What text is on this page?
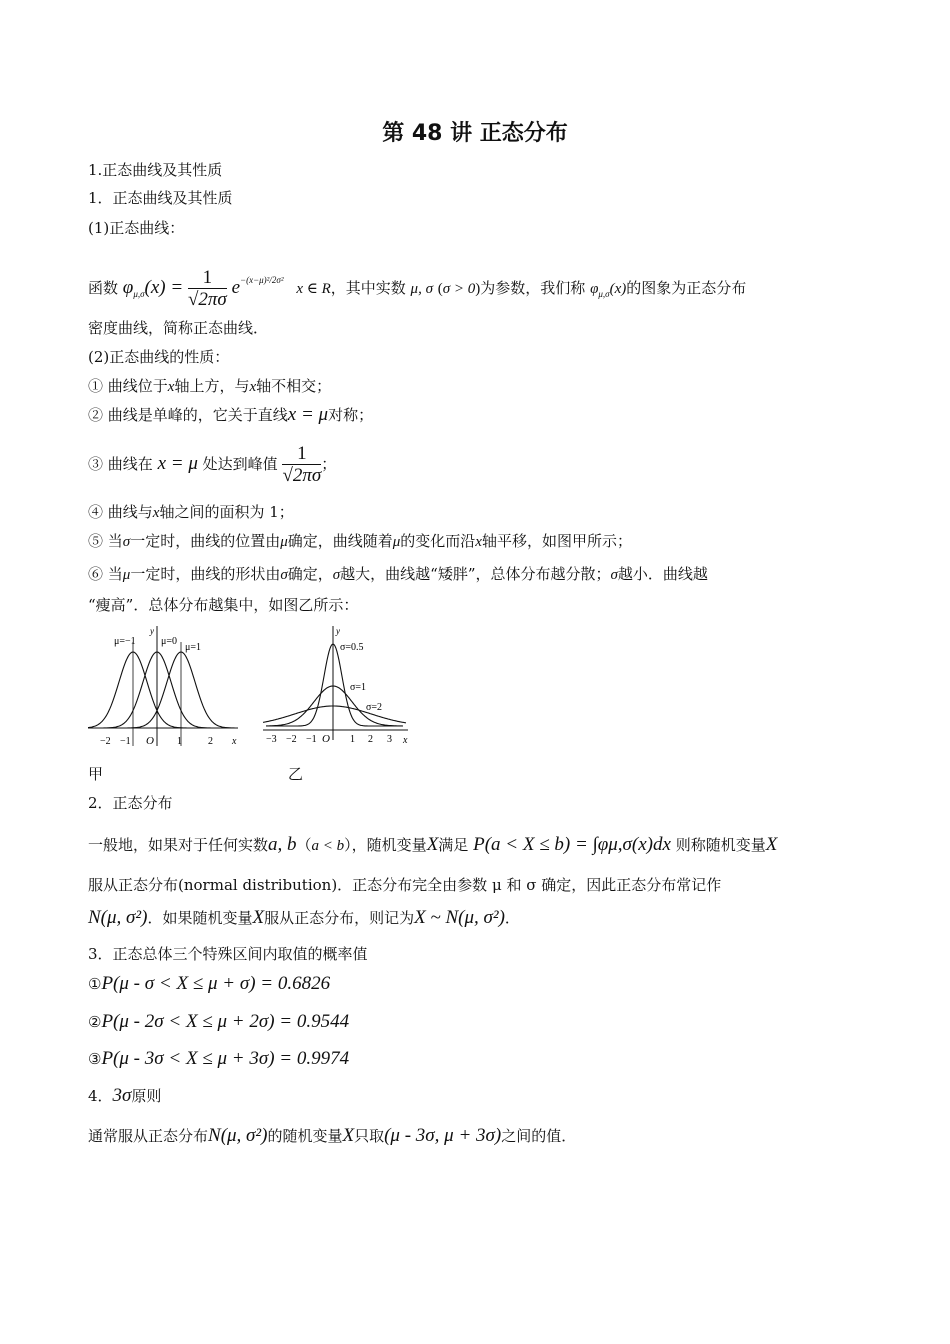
第 48 讲 正态分布
1.正态曲线及其性质
1．正态曲线及其性质
(1)正态曲线：
函数 $\varphi_{\mu,\sigma}(x) = \frac{1}{√2\pi\sigma} e^{-(x-\mu)^2/2\sigma^2}$ x ∈ R，其中实数 μ, σ (σ > 0)为参数，我们称 $\varphi_{\mu,\sigma}(x)$的图象为正态分布
密度曲线，简称正态曲线．
(2)正态曲线的性质：
① 曲线位于x轴上方，与x轴不相交；
② 曲线是单峰的，它关于直线x = μ对称；
③ 曲线在 x = μ 处达到峰值 $\frac{1}{√2\pi\sigma}$ ；
④ 曲线与x轴之间的面积为 1；
⑤ 当σ一定时，曲线的位置由μ确定，曲线随着μ的变化而沿x轴平移，如图甲所示；
⑥ 当μ一定时，曲线的形状由σ确定，σ越大，曲线越“矮胖”，总体分布越分散；σ越小．曲线越
“瘦高”．总体分布越集中，如图乙所示：
μ=−1	μ=0
μ=1
y
x
−2 −1 O 1	2
σ=0.5
σ=1
σ=2
y
x
−3 −2 −1 O 1 2 3
甲	乙
2．正态分布
一般地，如果对于任何实数a, b（a < b），随机变量X满足 P(a < X ≤ b) = ∫φμ,σ(x)dx 则称随机变量X
服从正态分布(normal distribution)．正态分布完全由参数 μ 和 σ 确定，因此正态分布常记作
N(μ, σ²)．如果随机变量X服从正态分布，则记为X ~ N(μ, σ²)．
3．正态总体三个特殊区间内取值的概率值
①P(μ - σ < X ≤ μ + σ) = 0.6826
②P(μ - 2σ < X ≤ μ + 2σ) = 0.9544
③P(μ - 3σ < X ≤ μ + 3σ) = 0.9974
4．3σ原则
通常服从正态分布N(μ, σ²)的随机变量X只取(μ - 3σ, μ + 3σ)之间的值．
